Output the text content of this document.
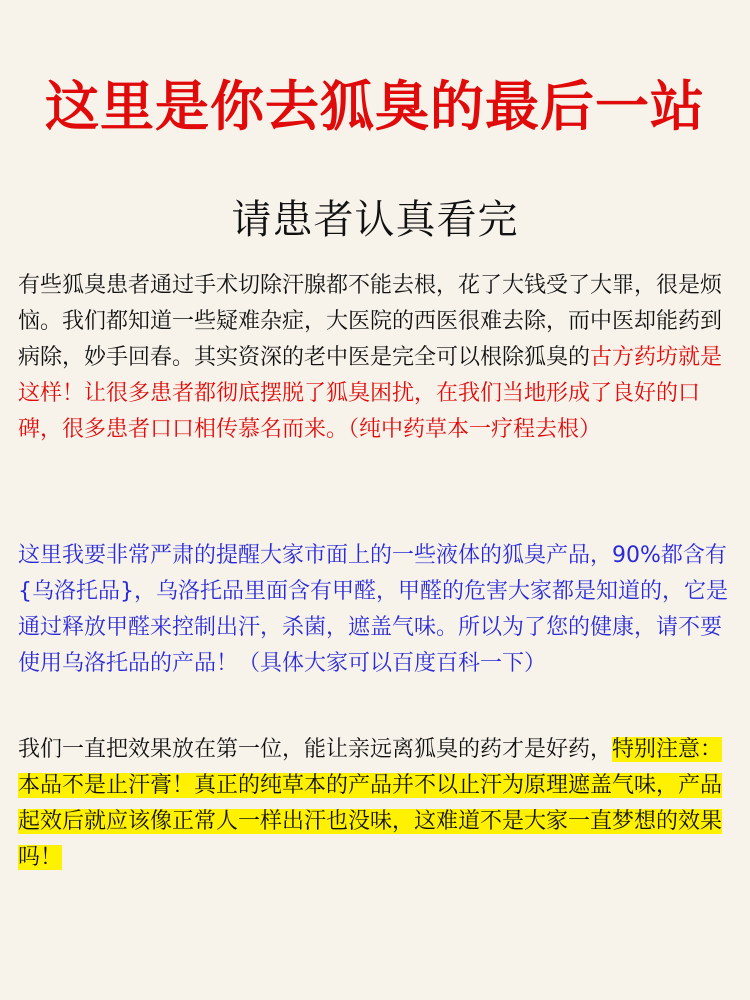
这里是你去狐臭的最后一站
请患者认真看完
有些狐臭患者通过手术切除汗腺都不能去根，花了大钱受了大罪，很是烦恼。我们都知道一些疑难杂症，大医院的西医很难去除，而中医却能药到病除，妙手回春。其实资深的老中医是完全可以根除狐臭的古方药坊就是这样！让很多患者都彻底摆脱了狐臭困扰，在我们当地形成了良好的口碑，很多患者口口相传慕名而来。（纯中药草本一疗程去根）
这里我要非常严肃的提醒大家市面上的一些液体的狐臭产品，90%都含有{乌洛托品}，乌洛托品里面含有甲醛，甲醛的危害大家都是知道的，它是通过释放甲醛来控制出汗，杀菌，遮盖气味。所以为了您的健康，请不要使用乌洛托品的产品！（具体大家可以百度百科一下）
我们一直把效果放在第一位，能让亲远离狐臭的药才是好药，特别注意：本品不是止汗膏！真正的纯草本的产品并不以止汗为原理遮盖气味，产品起效后就应该像正常人一样出汗也没味，这难道不是大家一直梦想的效果吗！
